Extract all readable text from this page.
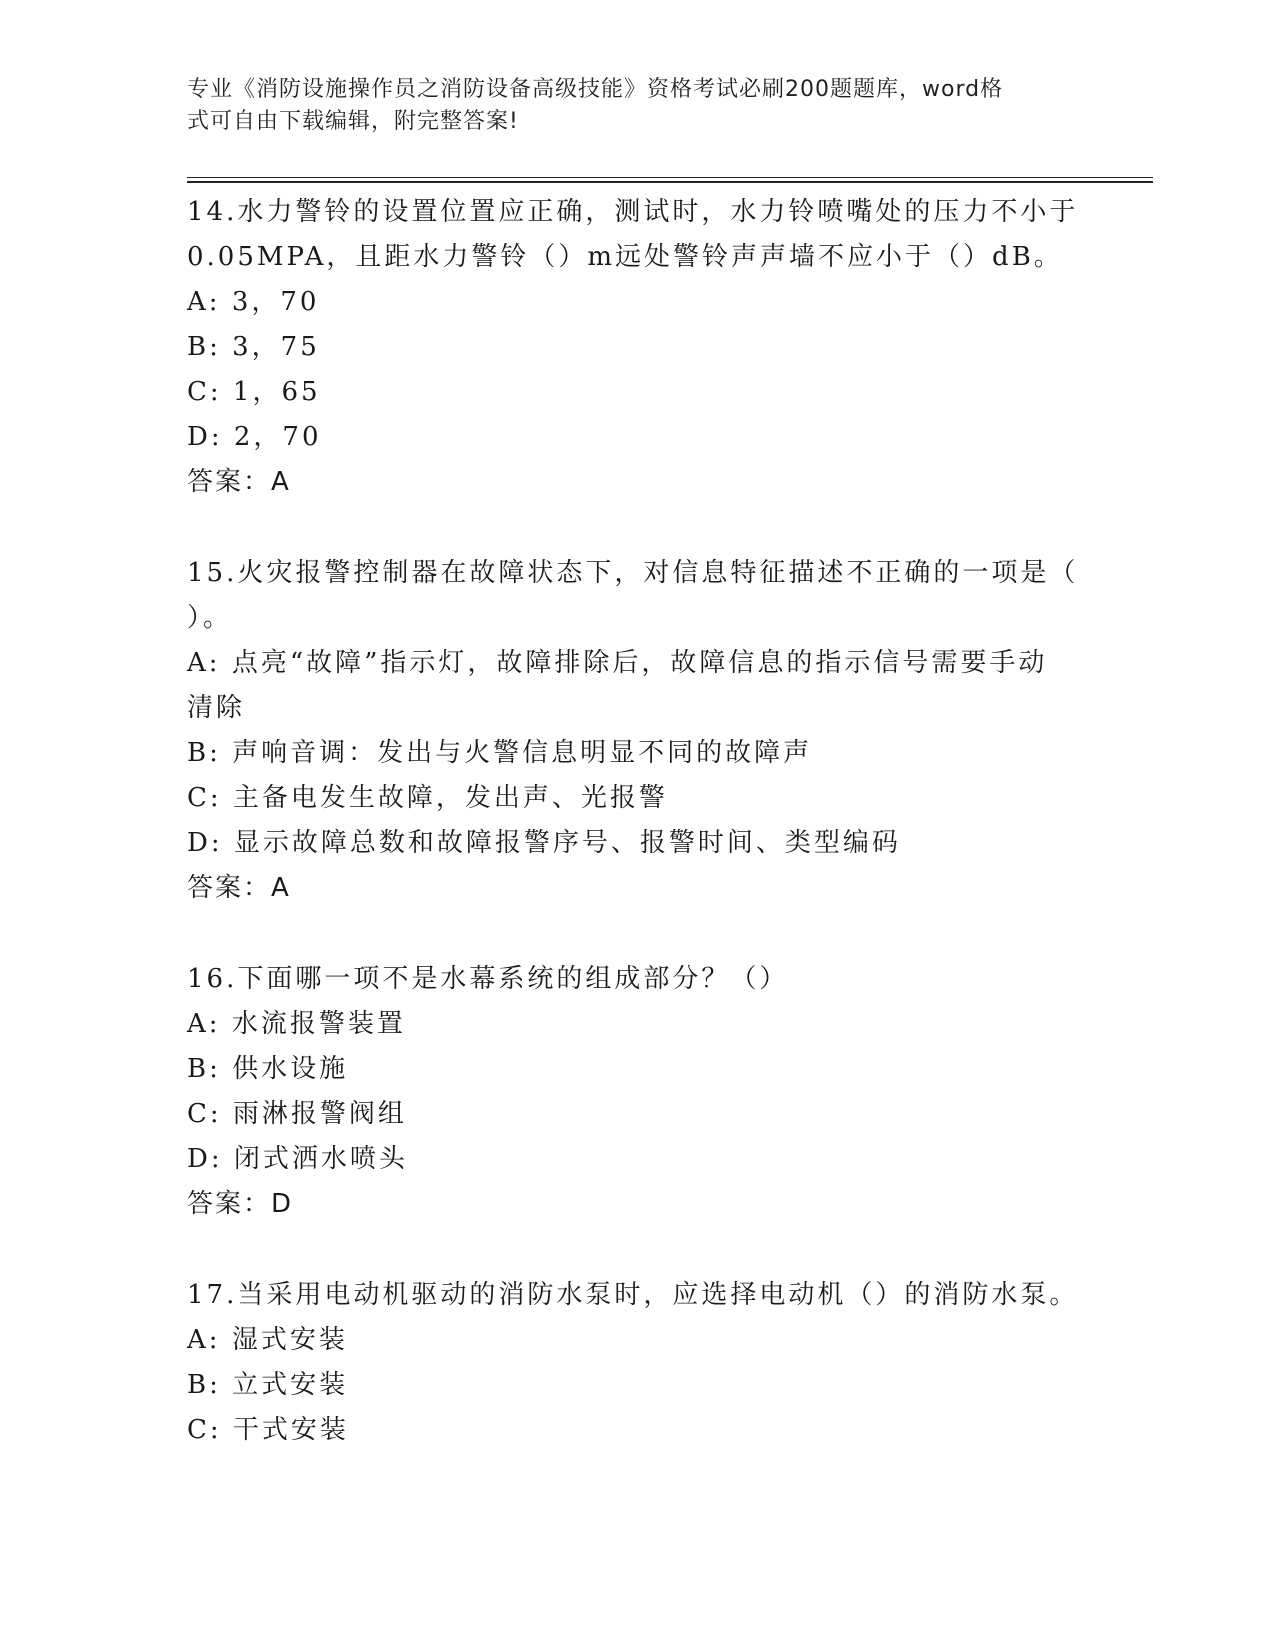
专业《消防设施操作员之消防设备高级技能》资格考试必刷200题题库，word格
式可自由下载编辑，附完整答案!

14.水力警铃的设置位置应正确，测试时，水力铃喷嘴处的压力不小于

0.05MPA，且距水力警铃（）m远处警铃声声墙不应小于（）dB。

A: 3，70

B: 3，75

C: 1，65

D: 2，70

答案：A

15.火灾报警控制器在故障状态下，对信息特征描述不正确的一项是（

）。

A: 点亮“故障”指示灯，故障排除后，故障信息的指示信号需要手动

清除

B: 声响音调：发出与火警信息明显不同的故障声

C: 主备电发生故障，发出声、光报警

D: 显示故障总数和故障报警序号、报警时间、类型编码

答案：A

16.下面哪一项不是水幕系统的组成部分？（）

A: 水流报警装置

B: 供水设施

C: 雨淋报警阀组

D: 闭式洒水喷头

答案：D

17.当采用电动机驱动的消防水泵时，应选择电动机（）的消防水泵。

A: 湿式安装

B: 立式安装

C: 干式安装
